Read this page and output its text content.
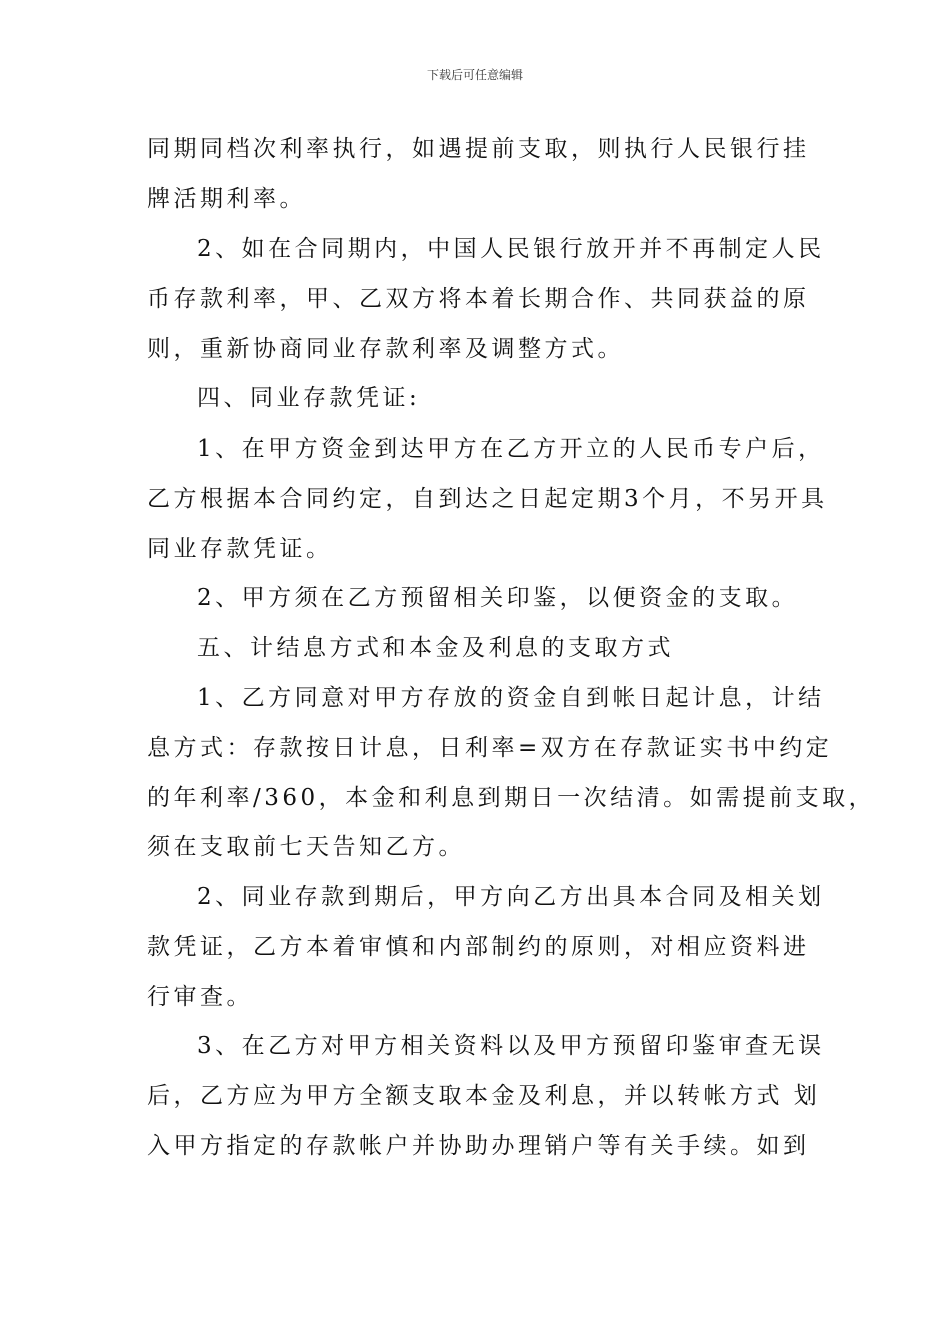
下载后可任意编辑
同期同档次利率执行，如遇提前支取，则执行人民银行挂
牌活期利率。
2、如在合同期内，中国人民银行放开并不再制定人民
币存款利率，甲、乙双方将本着长期合作、共同获益的原
则，重新协商同业存款利率及调整方式。
四、同业存款凭证:
1、在甲方资金到达甲方在乙方开立的人民币专户后，
乙方根据本合同约定，自到达之日起定期3个月，不另开具
同业存款凭证。
2、甲方须在乙方预留相关印鉴，以便资金的支取。
五、计结息方式和本金及利息的支取方式
1、乙方同意对甲方存放的资金自到帐日起计息，计结
息方式：存款按日计息，日利率=双方在存款证实书中约定
的年利率/360，本金和利息到期日一次结清。如需提前支取，
须在支取前七天告知乙方。
2、同业存款到期后，甲方向乙方出具本合同及相关划
款凭证，乙方本着审慎和内部制约的原则，对相应资料进
行审查。
3、在乙方对甲方相关资料以及甲方预留印鉴审查无误
后，乙方应为甲方全额支取本金及利息，并以转帐方式 划
入甲方指定的存款帐户并协助办理销户等有关手续。如到
